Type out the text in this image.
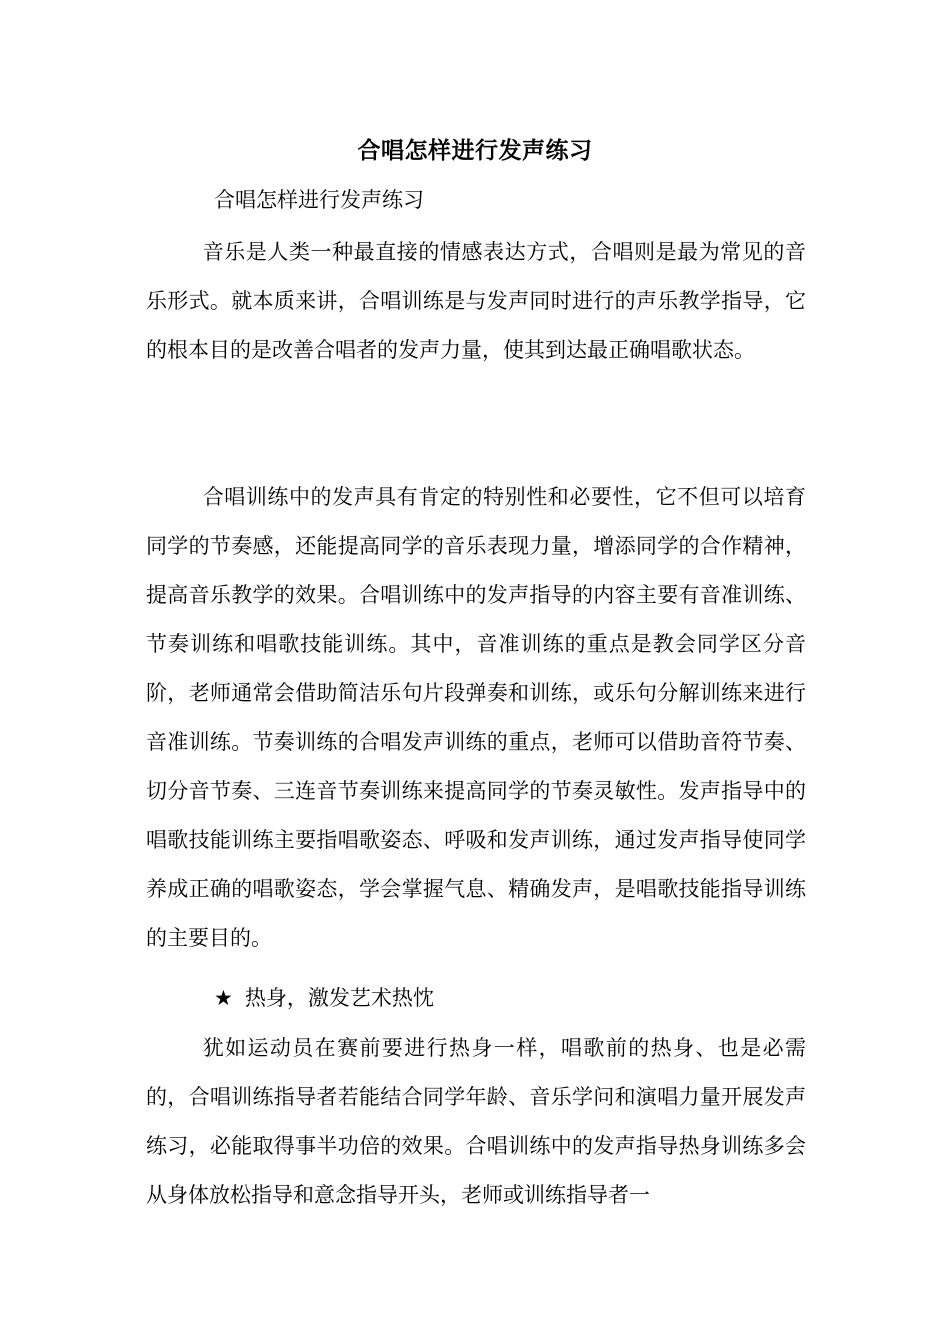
合唱怎样进行发声练习
合唱怎样进行发声练习

音乐是人类一种最直接的情感表达方式，合唱则是最为常见的音乐形式。就本质来讲，合唱训练是与发声同时进行的声乐教学指导，它的根本目的是改善合唱者的发声力量，使其到达最正确唱歌状态。

合唱训练中的发声具有肯定的特别性和必要性，它不但可以培育同学的节奏感，还能提高同学的音乐表现力量，增添同学的合作精神，提高音乐教学的效果。合唱训练中的发声指导的内容主要有音准训练、节奏训练和唱歌技能训练。其中，音准训练的重点是教会同学区分音阶，老师通常会借助简洁乐句片段弹奏和训练，或乐句分解训练来进行音准训练。节奏训练的合唱发声训练的重点，老师可以借助音符节奏、切分音节奏、三连音节奏训练来提高同学的节奏灵敏性。发声指导中的唱歌技能训练主要指唱歌姿态、呼吸和发声训练，通过发声指导使同学养成正确的唱歌姿态，学会掌握气息、精确发声，是唱歌技能指导训练的主要目的。

★ 热身，激发艺术热忱

犹如运动员在赛前要进行热身一样，唱歌前的热身、也是必需的，合唱训练指导者若能结合同学年龄、音乐学问和演唱力量开展发声练习，必能取得事半功倍的效果。合唱训练中的发声指导热身训练多会从身体放松指导和意念指导开头，老师或训练指导者一
